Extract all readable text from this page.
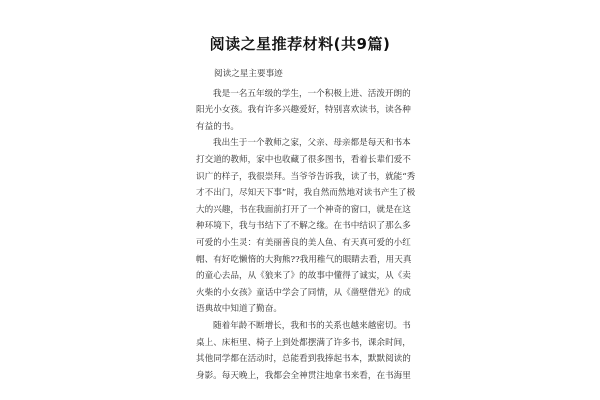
阅读之星推荐材料(共9篇)

阅读之星主要事迹

我是一名五年级的学生，一个积极上进、活泼开朗的阳光小女孩。我有许多兴趣爱好，特别喜欢读书，读各种有益的书。

我出生于一个教师之家，父亲、母亲都是每天和书本打交道的教师，家中也收藏了很多图书，看着长辈们爱不识广的样子，我很崇拜。当爷爷告诉我，读了书，就能“秀才不出门，尽知天下事”时，我自然而然地对读书产生了极大的兴趣，书在我面前打开了一个神奇的窗口，就是在这种环境下，我与书结下了不解之缘。在书中结识了那么多可爱的小生灵：有美丽善良的美人鱼、有天真可爱的小红帽、有好吃懒惰的大狗熊??我用稚气的眼睛去看，用天真的童心去品，从《狼来了》的故事中懂得了诚实，从《卖火柴的小女孩》童话中学会了同情，从《凿壁借光》的成语典故中知道了勤奋。

随着年龄不断增长，我和书的关系也越来越密切。书桌上、床柜里、椅子上到处都摆满了许多书，课余时间，其他同学都在活动时，总能看到我捧起书本，默默阅读的身影。每天晚上，我都会全神贯注地拿书来看，在书海里
